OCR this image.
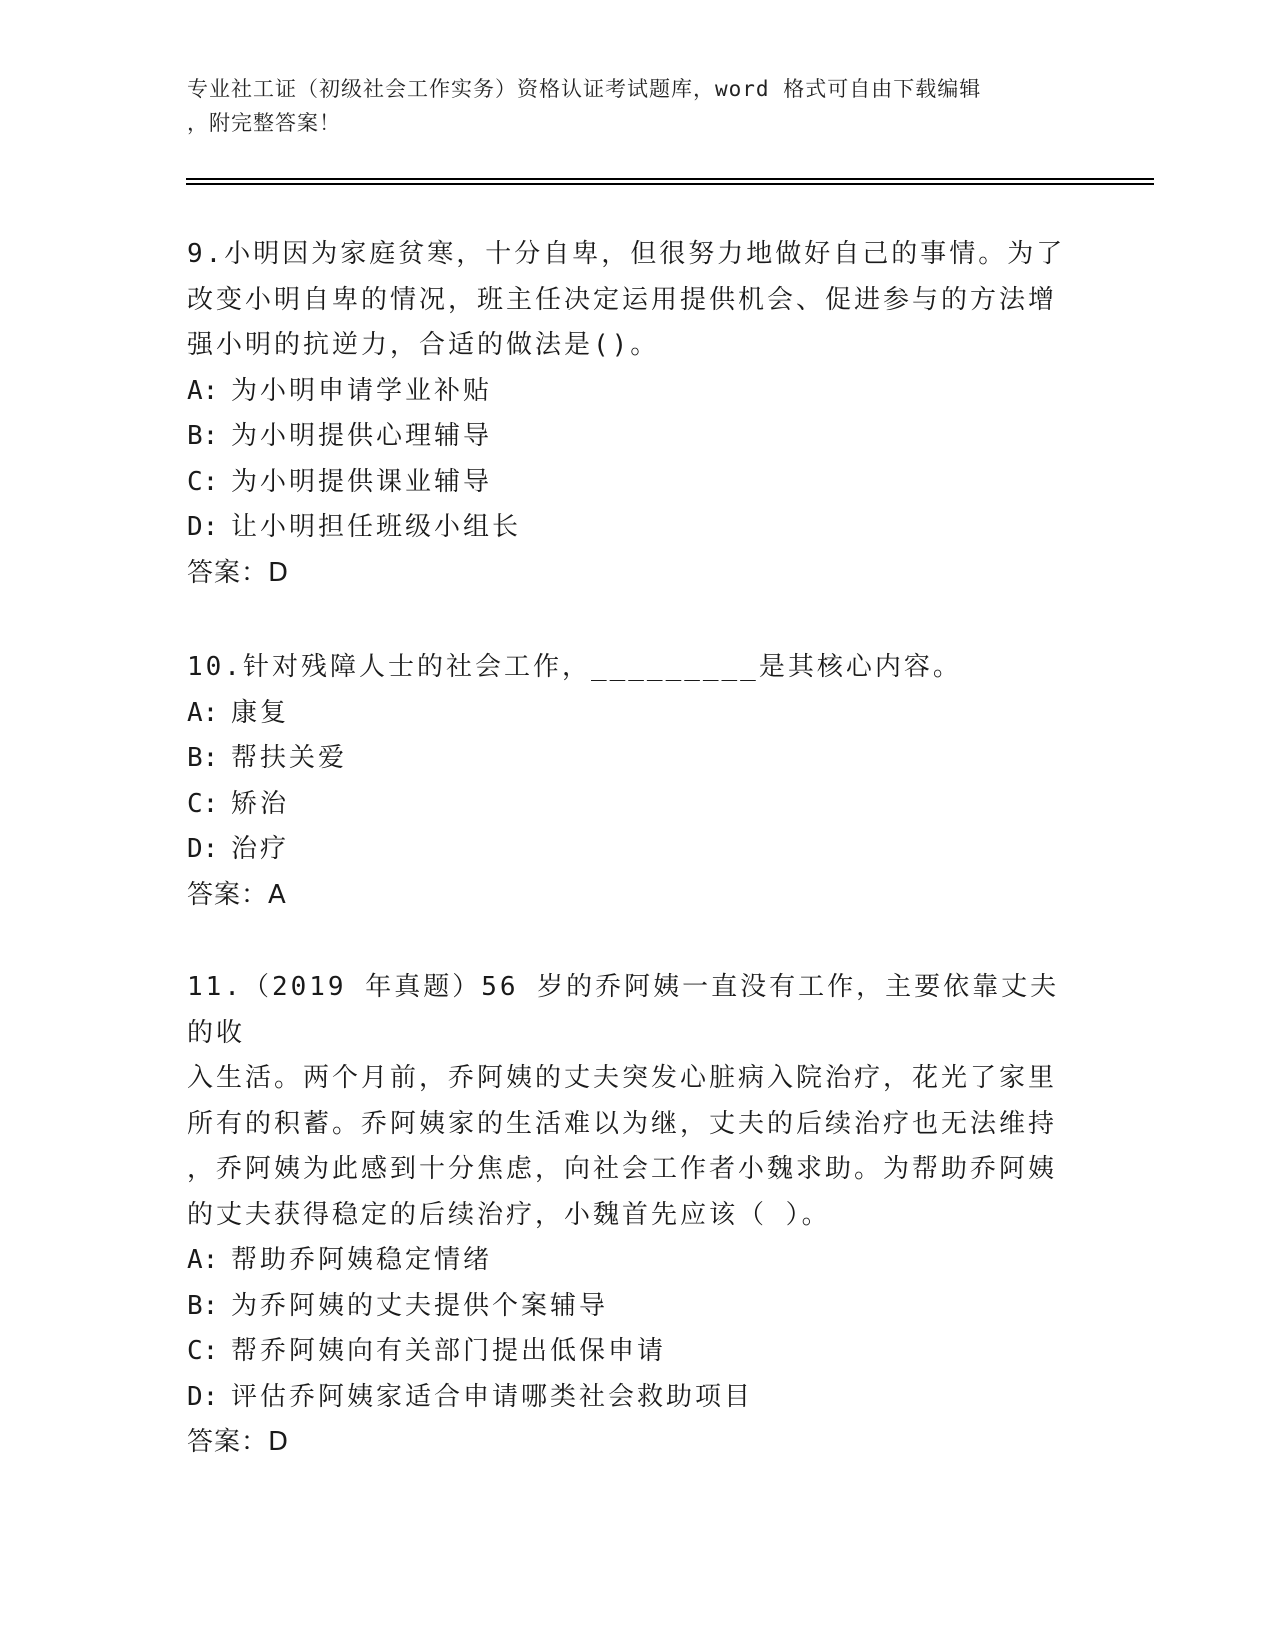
专业社工证（初级社会工作实务）资格认证考试题库，word 格式可自由下载编辑
，附完整答案！

9.小明因为家庭贫寒，十分自卑，但很努力地做好自己的事情。为了

改变小明自卑的情况，班主任决定运用提供机会、促进参与的方法增

强小明的抗逆力，合适的做法是()。

A: 为小明申请学业补贴

B: 为小明提供心理辅导

C: 为小明提供课业辅导

D: 让小明担任班级小组长

答案：D

10.针对残障人士的社会工作，_________是其核心内容。

A: 康复

B: 帮扶关爱

C: 矫治

D: 治疗

答案：A

11.（2019 年真题）56 岁的乔阿姨一直没有工作，主要依靠丈夫的收

入生活。两个月前，乔阿姨的丈夫突发心脏病入院治疗，花光了家里

所有的积蓄。乔阿姨家的生活难以为继，丈夫的后续治疗也无法维持

，乔阿姨为此感到十分焦虑，向社会工作者小魏求助。为帮助乔阿姨

的丈夫获得稳定的后续治疗，小魏首先应该（ ）。

A: 帮助乔阿姨稳定情绪

B: 为乔阿姨的丈夫提供个案辅导

C: 帮乔阿姨向有关部门提出低保申请

D: 评估乔阿姨家适合申请哪类社会救助项目

答案：D
